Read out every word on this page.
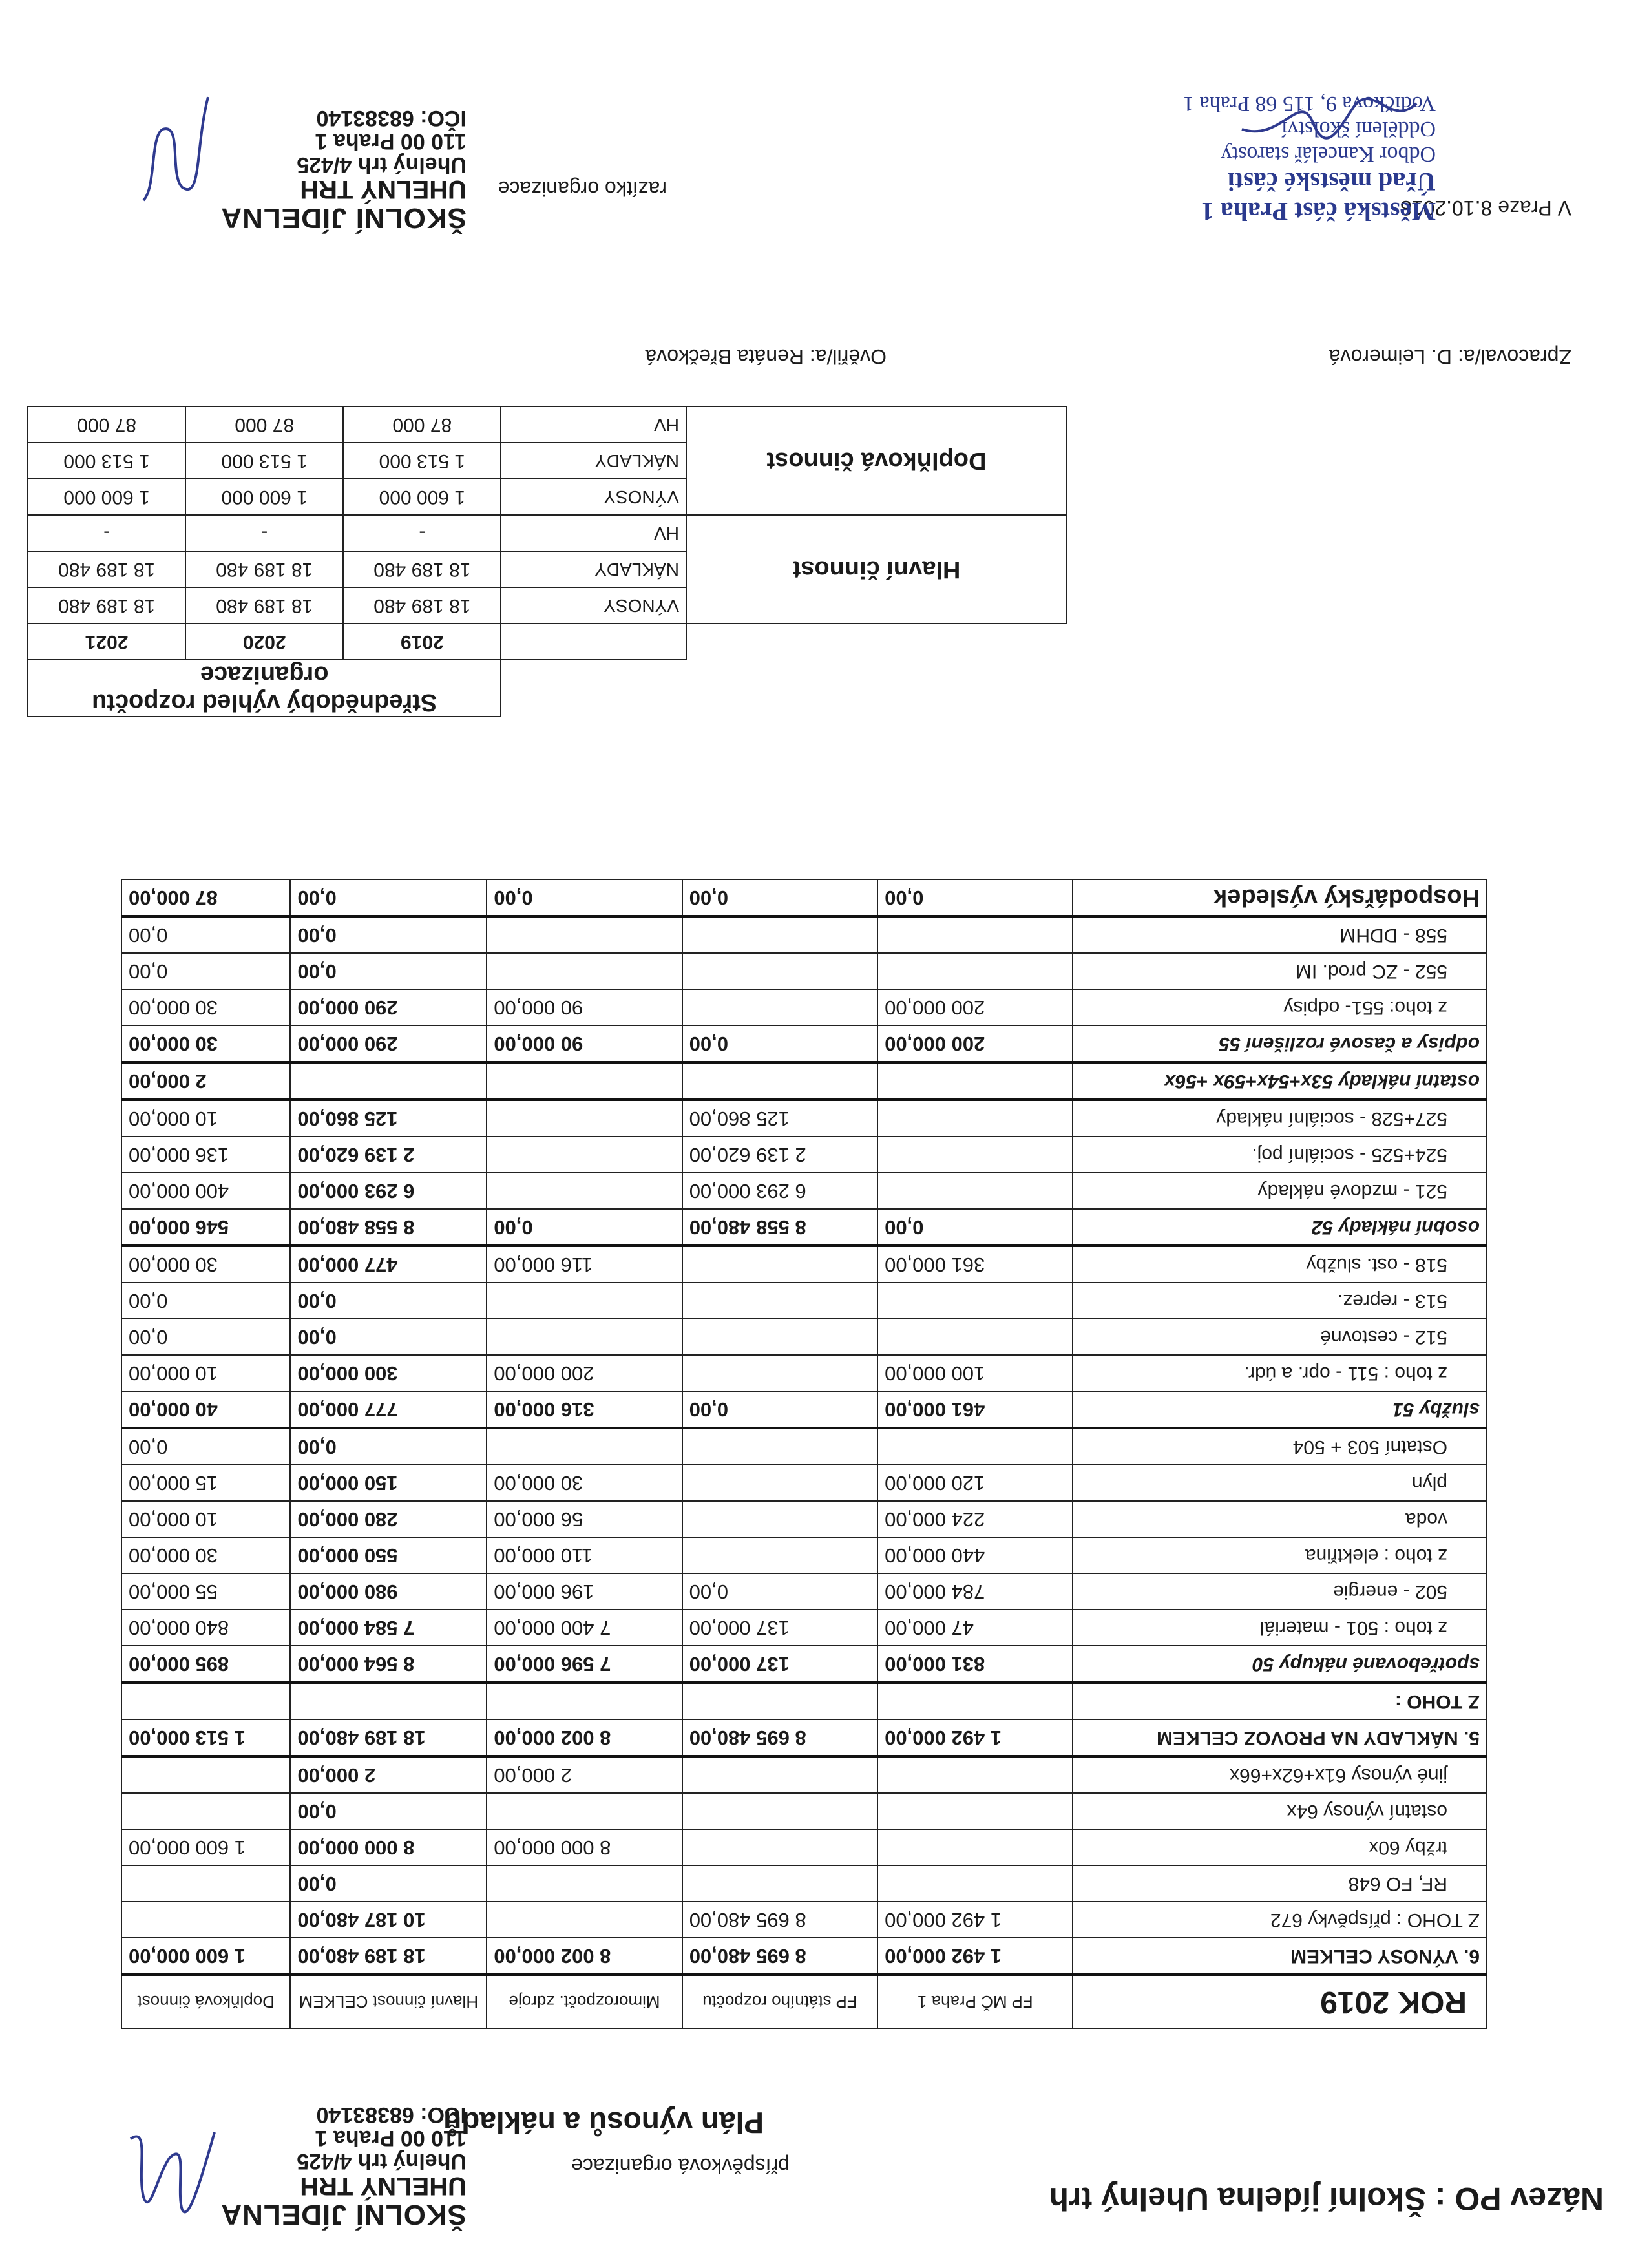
Název PO : Školní jídelna Uhelný trh
příspěvková organizace
Plán výnosů a nákladů
ŠKOLNÍ JÍDELNA
UHELNÝ TRH
Uhelný trh 4/425
110 00 Praha 1
IČO: 68383140
ROK 2019	FP MČ Praha 1	FP státního rozpočtu	Mimorozpočt. zdroje	Hlavní činnost CELKEM	Doplňková činnost
6. VÝNOSY CELKEM	1 492 000,00	8 695 480,00	8 002 000,00	18 189 480,00	1 600 000,00
Z TOHO : příspěvky 672	1 492 000,00	8 695 480,00		10 187 480,00	
RF, FO 648				0,00	
tržby 60x			8 000 000,00	8 000 000,00	1 600 000,00
ostatní výnosy 64x				0,00	
jiné výnosy 61x+62x+66x			2 000,00	2 000,00	
5. NÁKLADY NA PROVOZ CELKEM	1 492 000,00	8 695 480,00	8 002 000,00	18 189 480,00	1 513 000,00
Z TOHO :					
spotřebované nákupy 50	831 000,00	137 000,00	7 596 000,00	8 564 000,00	895 000,00
z toho : 501 - materiál	47 000,00	137 000,00	7 400 000,00	7 584 000,00	840 000,00
502 - energie	784 000,00	0,00	196 000,00	980 000,00	55 000,00
z toho : elektřina	440 000,00		110 000,00	550 000,00	30 000,00
voda	224 000,00		56 000,00	280 000,00	10 000,00
plyn	120 000,00		30 000,00	150 000,00	15 000,00
Ostatní 503 + 504				0,00	0,00
služby 51	461 000,00	0,00	316 000,00	777 000,00	40 000,00
z toho : 511 - opr. a údr.	100 000,00		200 000,00	300 000,00	10 000,00
512 - cestovné				0,00	0,00
513 - reprez.				0,00	0,00
518 - ost. služby	361 000,00		116 000,00	477 000,00	30 000,00
osobní náklady 52	0,00	8 558 480,00	0,00	8 558 480,00	546 000,00
521 - mzdové náklady		6 293 000,00		6 293 000,00	400 000,00
524+525 - sociální poj.		2 139 620,00		2 139 620,00	136 000,00
527+528 - sociální náklady		125 860,00		125 860,00	10 000,00
ostatní náklady 53x+54x+59x +56x					2 000,00
odpisy a časové rozlišení 55	200 000,00	0,00	90 000,00	290 000,00	30 000,00
z toho: 551- odpisy	200 000,00		90 000,00	290 000,00	30 000,00
552 - ZC prod. IM				0,00	0,00
558 - DDHM				0,00	0,00
Hospodářský výsledek	0,00	0,00	0,00	0,00	87 000,00
		Střednědobý výhled rozpočtu organizace		
		2019	2020	2021
Hlavní činnost	VÝNOSY	18 189 480	18 189 480	18 189 480
	NÁKLADY	18 189 480	18 189 480	18 189 480
	HV	-	-	-
Doplňková činnost	VÝNOSY	1 600 000	1 600 000	1 600 000
	NÁKLADY	1 513 000	1 513 000	1 513 000
	HV	87 000	87 000	87 000
Zpracoval/a: D. Leimerová
Ověřil/a: Renáta Břečková
V Praze 8.10.2018
razítko organizace
Městská část Praha 1
Úřad městské části
Odbor Kancelář starosty
Oddělení školství
Vodičkova 9, 115 68 Praha 1
ŠKOLNÍ JÍDELNA
UHELNÝ TRH
Uhelný trh 4/425
110 00 Praha 1
IČO: 68383140
